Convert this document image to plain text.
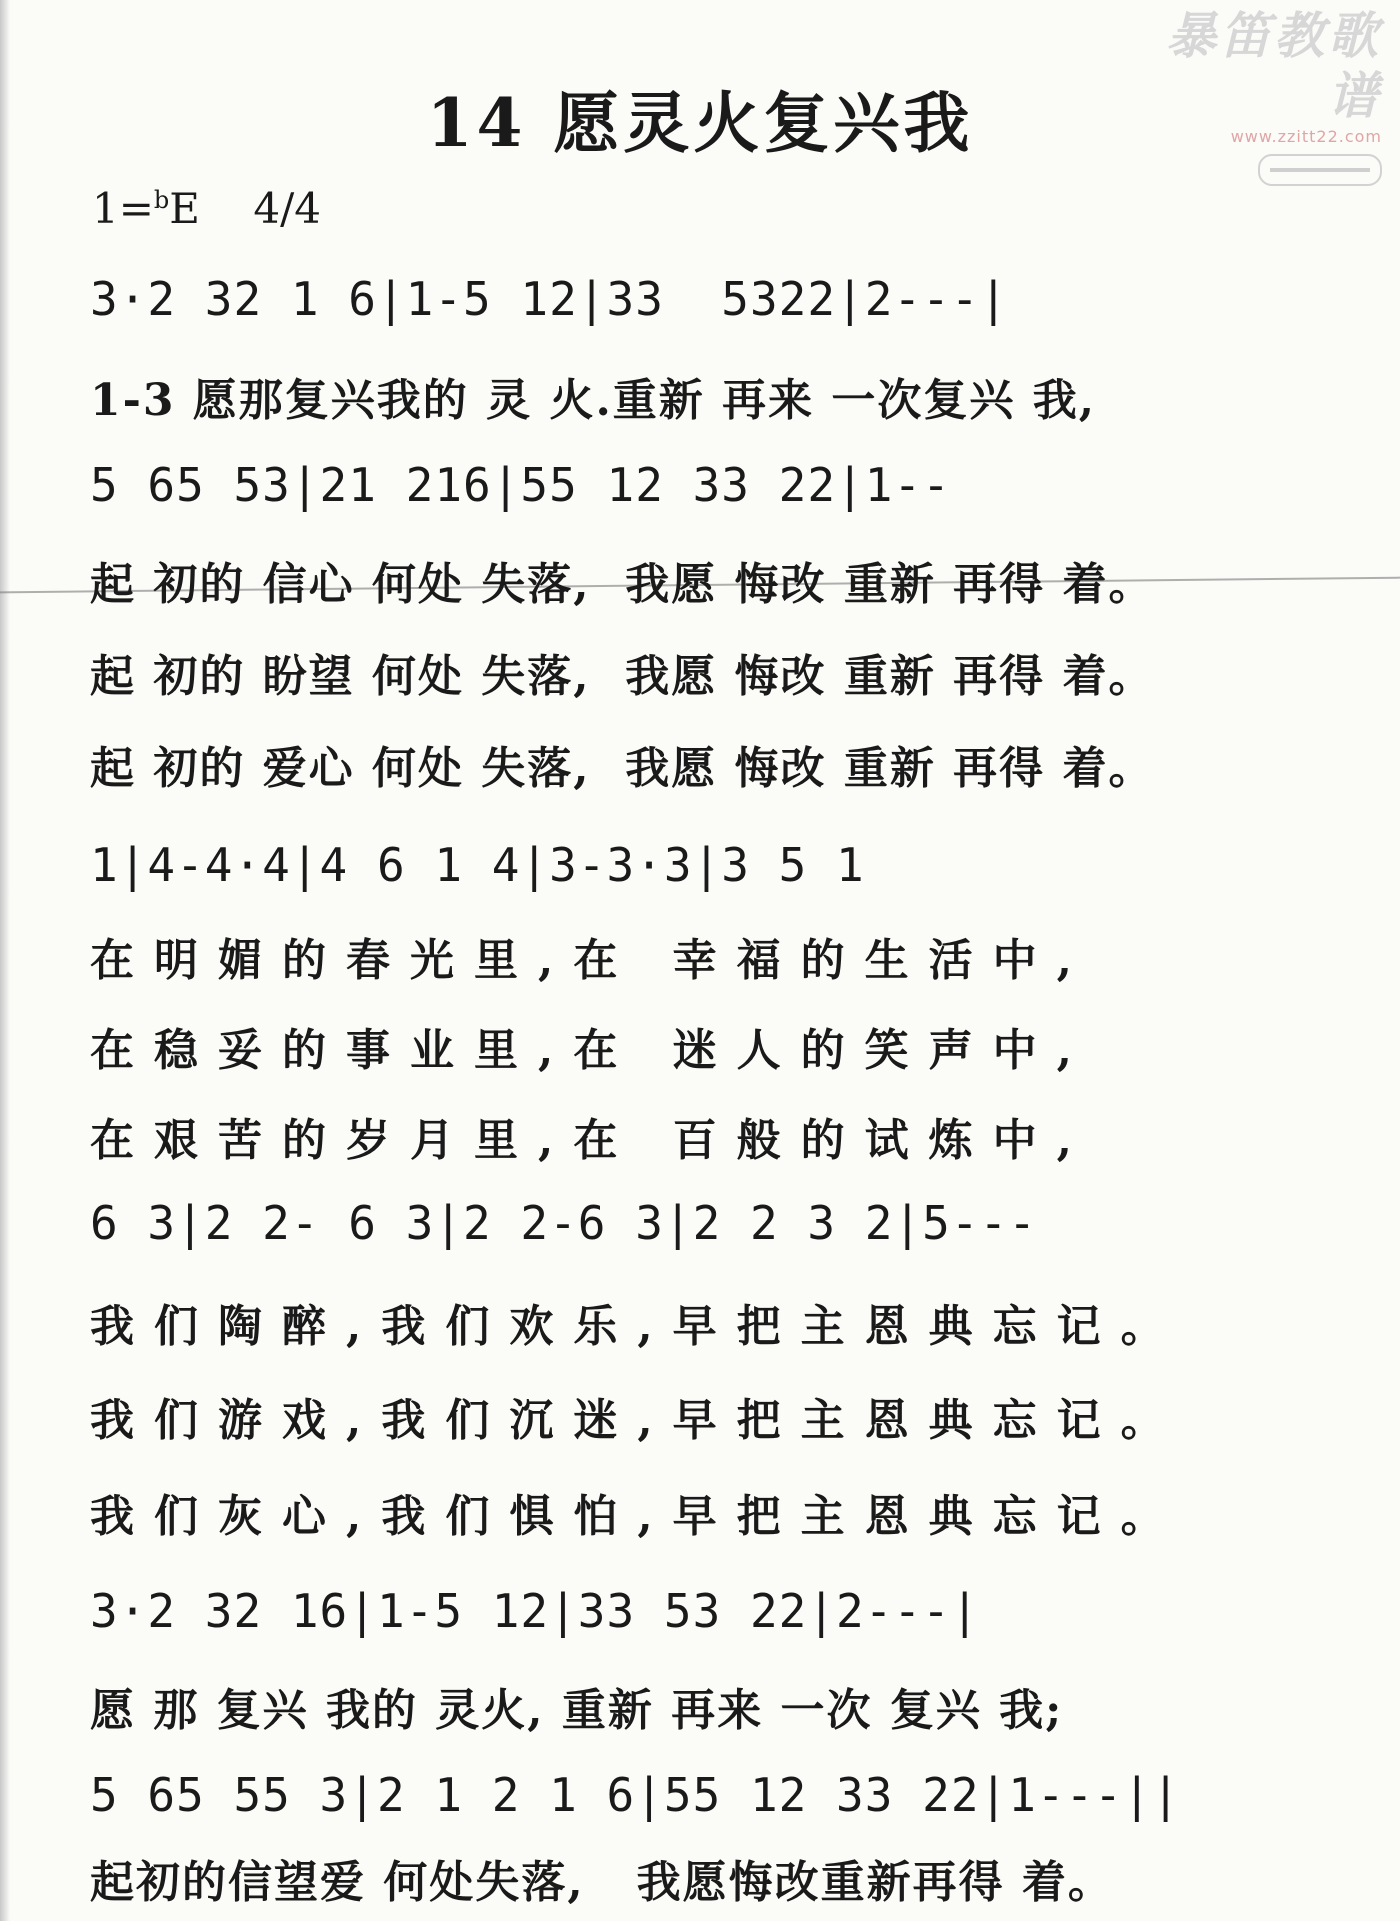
暴笛教歌谱
www.zzitt22.com
14 愿灵火复兴我
1=$^b$E 4/4
3·2 32 1 6|1-5 12|33  5322|2---|
1-3 愿那复兴我的 灵 火.重新 再来 一次复兴 我,
5 65 53|21 216|55 12 33 22|1--
起 初的 信心 何处 失落,  我愿 悔改 重新 再得 着。
起 初的 盼望 何处 失落,  我愿 悔改 重新 再得 着。
起 初的 爱心 何处 失落,  我愿 悔改 重新 再得 着。
1|4-4·4|4 6 1 4|3-3·3|3 5 1
在明媚的春光里,在 幸福的生活中,
在稳妥的事业里,在 迷人的笑声中,
在艰苦的岁月里,在 百般的试炼中,
6 3|2 2- 6 3|2 2-6 3|2 2 3 2|5---
我们陶醉,我们欢乐,早把主恩典忘记。
我们游戏,我们沉迷,早把主恩典忘记。
我们灰心,我们惧怕,早把主恩典忘记。
3·2 32 16|1-5 12|33 53 22|2---|
愿 那 复兴 我的 灵火, 重新 再来 一次 复兴 我;
5 65 55 3|2 1 2 1 6|55 12 33 22|1---||
起初的信望爱 何处失落,   我愿悔改重新再得 着。
